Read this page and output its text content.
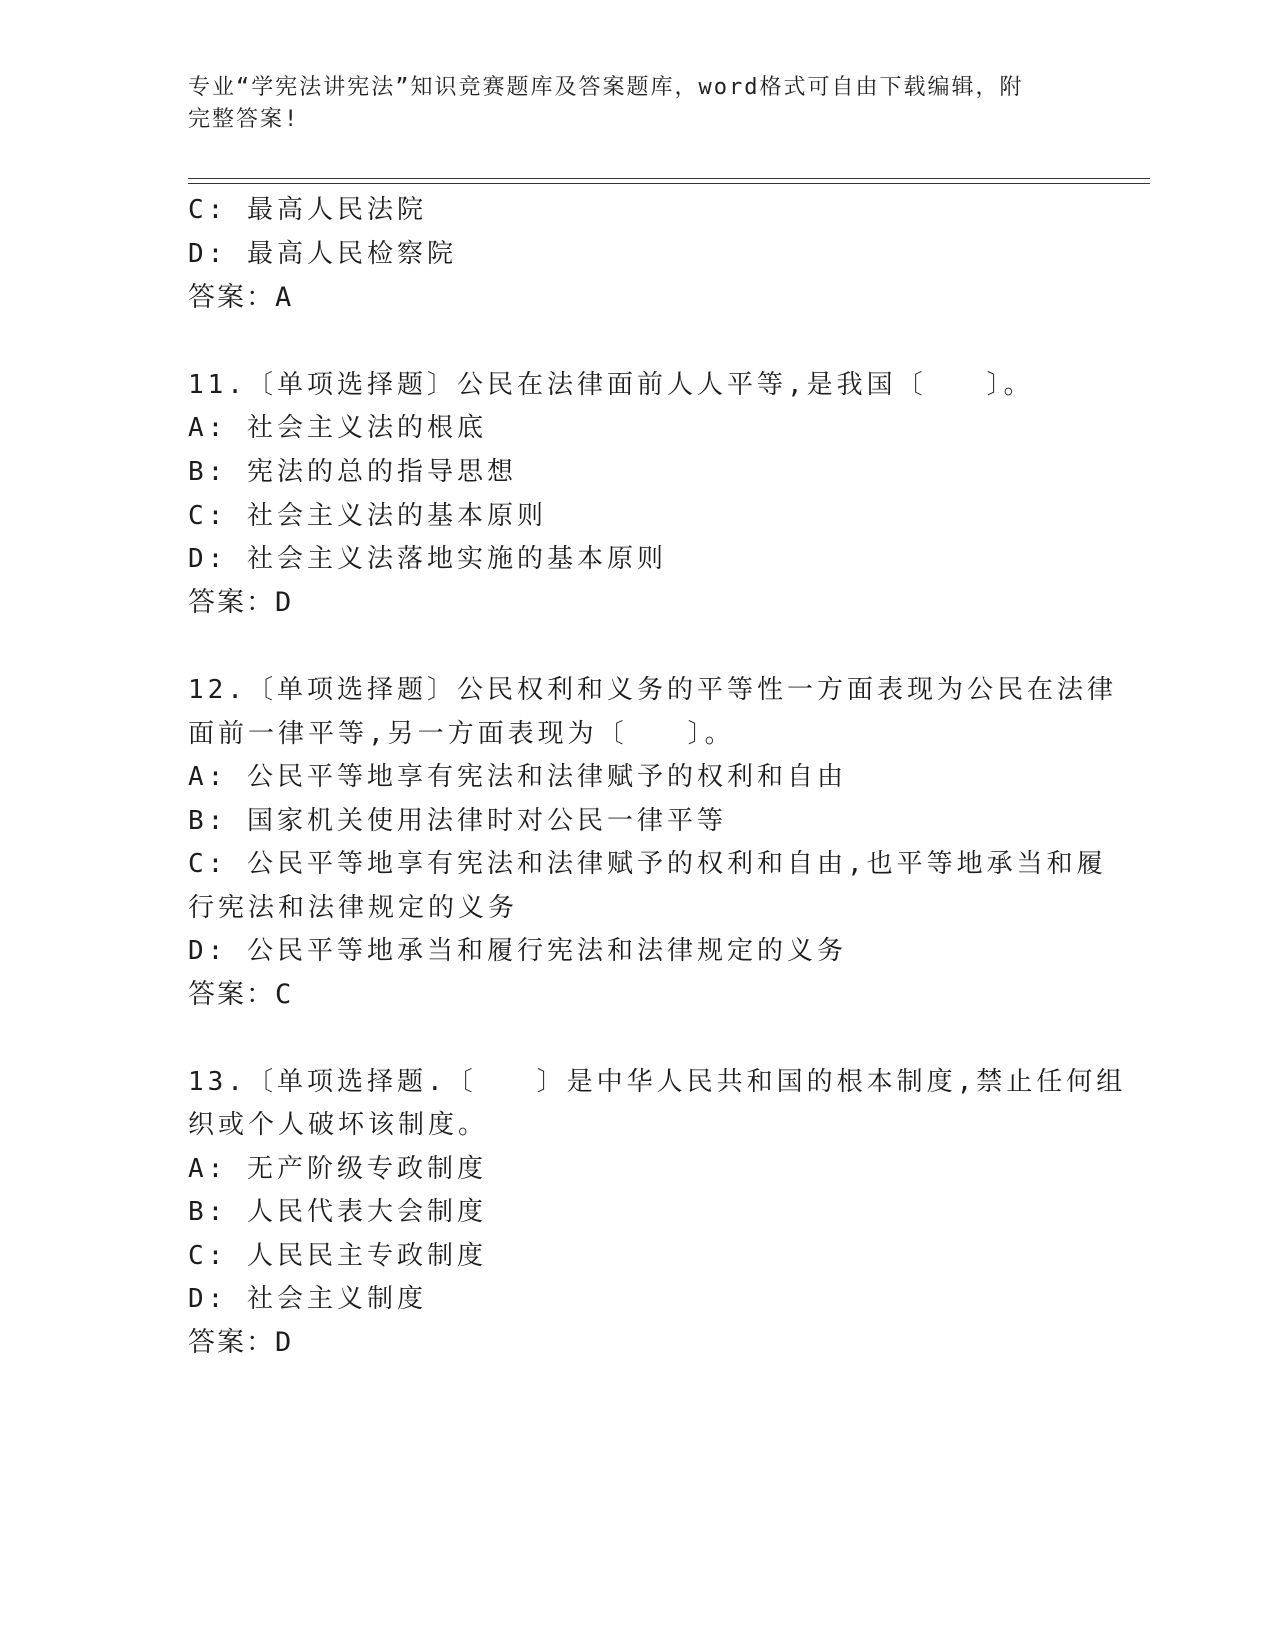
专业“学宪法讲宪法”知识竞赛题库及答案题库，word格式可自由下载编辑，附
完整答案!
C: 最高人民法院
D: 最高人民检察院
答案：A
11.〔单项选择题〕公民在法律面前人人平等,是我国〔　　〕。
A: 社会主义法的根底
B: 宪法的总的指导思想
C: 社会主义法的基本原则
D: 社会主义法落地实施的基本原则
答案：D
12.〔单项选择题〕公民权利和义务的平等性一方面表现为公民在法律
面前一律平等,另一方面表现为〔　　〕。
A: 公民平等地享有宪法和法律赋予的权利和自由
B: 国家机关使用法律时对公民一律平等
C: 公民平等地享有宪法和法律赋予的权利和自由,也平等地承当和履
行宪法和法律规定的义务
D: 公民平等地承当和履行宪法和法律规定的义务
答案：C
13.〔单项选择题.〔　　〕是中华人民共和国的根本制度,禁止任何组
织或个人破坏该制度。
A: 无产阶级专政制度
B: 人民代表大会制度
C: 人民民主专政制度
D: 社会主义制度
答案：D
